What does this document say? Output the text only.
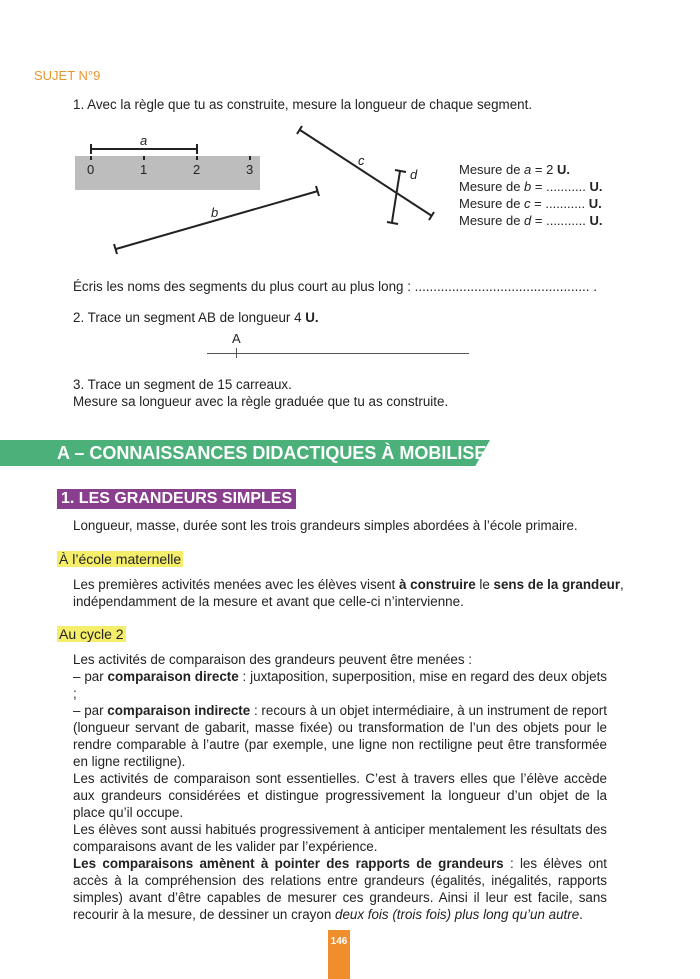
SUJET N°9
1. Avec la règle que tu as construite, mesure la longueur de chaque segment.
a
0	1	2	3
b
c
d	Mesure de a = 2 U.
Mesure de b = ........... U.
Mesure de c = ........... U.
Mesure de d = ........... U.
Écris les noms des segments du plus court au plus long : ............................................... .
2. Trace un segment AB de longueur 4 U.
A
3. Trace un segment de 15 carreaux.
Mesure sa longueur avec la règle graduée que tu as construite.
A – CONNAISSANCES DIDACTIQUES À MOBILISER
1. LES GRANDEURS SIMPLES
Longueur, masse, durée sont les trois grandeurs simples abordées à l’école primaire.
À l’école maternelle
Les premières activités menées avec les élèves visent à construire le sens de la grandeur,
indépendamment de la mesure et avant que celle-ci n’intervienne.
Au cycle 2
Les activités de comparaison des grandeurs peuvent être menées :
– par comparaison directe : juxtaposition, superposition, mise en regard des deux objets ;
– par comparaison indirecte : recours à un objet intermédiaire, à un instrument de report (longueur servant de gabarit, masse fixée) ou transformation de l’un des objets pour le rendre comparable à l’autre (par exemple, une ligne non rectiligne peut être transformée en ligne rectiligne).
Les activités de comparaison sont essentielles. C’est à travers elles que l’élève accède aux grandeurs considérées et distingue progressivement la longueur d’un objet de la place qu’il occupe.
Les élèves sont aussi habitués progressivement à anticiper mentalement les résultats des comparaisons avant de les valider par l’expérience.
Les comparaisons amènent à pointer des rapports de grandeurs : les élèves ont accès à la compréhension des relations entre grandeurs (égalités, inégalités, rapports simples) avant d’être capables de mesurer ces grandeurs. Ainsi il leur est facile, sans recourir à la mesure, de dessiner un crayon deux fois (trois fois) plus long qu’un autre.
146
